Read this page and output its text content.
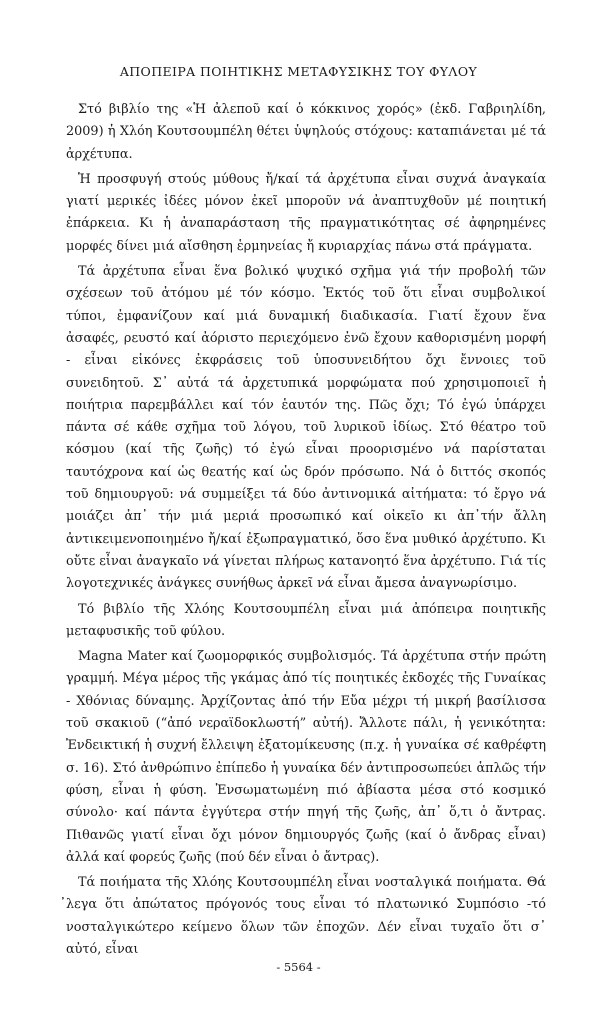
ΑΠΟΠΕΙΡΑ ΠΟΙΗΤΙΚΗΣ ΜΕΤΑΦΥΣΙΚΗΣ ΤΟΥ ΦΥΛΟΥ

Στό βιβλίο της «Ἡ ἀλεποῦ καί ὁ κόκκινος χορός» (ἐκδ. Γαβριηλίδη, 2009) ἡ Χλόη Κουτσουμπέλη θέτει ὑψηλούς στόχους: καταπιάνεται μέ τά ἀρχέτυπα.

Ἡ προσφυγή στούς μύθους ἤ/καί τά ἀρχέτυπα εἶναι συχνά ἀναγκαία γιατί μερικές ἰδέες μόνον ἐκεῖ μποροῦν νά ἀναπτυχθοῦν μέ ποιητική ἐπάρκεια. Κι ἡ ἀναπαράσταση τῆς πραγματικότητας σέ ἀφηρημένες μορφές δίνει μιά αἴσθηση ἑρμηνείας ἤ κυριαρχίας πάνω στά πράγματα.

Τά ἀρχέτυπα εἶναι ἕνα βολικό ψυχικό σχῆμα γιά τήν προβολή τῶν σχέσεων τοῦ ἀτόμου μέ τόν κόσμο. Ἐκτός τοῦ ὅτι εἶναι συμβολικοί τύποι, ἐμφανίζουν καί μιά δυναμική διαδικασία. Γιατί ἔχουν ἕνα ἀσαφές, ρευστό καί ἀόριστο περιεχόμενο ἐνῶ ἔχουν καθορισμένη μορφή - εἶναι εἰκόνες ἐκφράσεις τοῦ ὑποσυνειδήτου ὄχι ἔννοιες τοῦ συνειδητοῦ. Σ᾿ αὐτά τά ἀρχετυπικά μορφώματα πού χρησιμοποιεῖ ἡ ποιήτρια παρεμβάλλει καί τόν ἑαυτόν της. Πῶς ὄχι; Τό ἐγώ ὑπάρχει πάντα σέ κάθε σχῆμα τοῦ λόγου, τοῦ λυρικοῦ ἰδίως. Στό θέατρο τοῦ κόσμου (καί τῆς ζωῆς) τό ἐγώ εἶναι προορισμένο νά παρίσταται ταυτόχρονα καί ὡς θεατής καί ὡς δρόν πρόσωπο. Νά ὁ διττός σκοπός τοῦ δημιουργοῦ: νά συμμείξει τά δύο ἀντινομικά αἰτήματα: τό ἔργο νά μοιάζει ἀπ᾿ τήν μιά μεριά προσωπικό καί οἰκεῖο κι ἀπ᾿τήν ἄλλη ἀντικειμενοποιημένο ἤ/καί ἐξωπραγματικό, ὅσο ἕνα μυθικό ἀρχέτυπο. Κι οὔτε εἶναι ἀναγκαῖο νά γίνεται πλήρως κατανοητό ἕνα ἀρχέτυπο. Γιά τίς λογοτεχνικές ἀνάγκες συνήθως ἀρκεῖ νά εἶναι ἄμεσα ἀναγνωρίσιμο.

Τό βιβλίο τῆς Χλόης Κουτσουμπέλη εἶναι μιά ἀπόπειρα ποιητικῆς μεταφυσικῆς τοῦ φύλου.

Magna Mater καί ζωομορφικός συμβολισμός. Τά ἀρχέτυπα στήν πρώτη γραμμή. Μέγα μέρος τῆς γκάμας ἀπό τίς ποιητικές ἐκδοχές τῆς Γυναίκας - Χθόνιας δύναμης. Ἀρχίζοντας ἀπό τήν Εὔα μέχρι τή μικρή βασίλισσα τοῦ σκακιοῦ (“ἀπό νεραϊδοκλωστή” αὐτή). Ἄλλοτε πάλι, ἡ γενικότητα: Ἐνδεικτική ἡ συχνή ἔλλειψη ἐξατομίκευσης (π.χ. ἡ γυναίκα σέ καθρέφτη σ. 16). Στό ἀνθρώπινο ἐπίπεδο ἡ γυναίκα δέν ἀντιπροσωπεύει ἁπλῶς τήν φύση, εἶναι ἡ φύση. Ἐνσωματωμένη πιό ἀβίαστα μέσα στό κοσμικό σύνολο· καί πάντα ἐγγύτερα στήν πηγή τῆς ζωῆς, ἀπ᾿ ὅ,τι ὁ ἄντρας. Πιθανῶς γιατί εἶναι ὄχι μόνον δημιουργός ζωῆς (καί ὁ ἄνδρας εἶναι) ἀλλά καί φορεύς ζωῆς (πού δέν εἶναι ὁ ἄντρας).

Τά ποιήματα τῆς Χλόης Κουτσουμπέλη εἶναι νοσταλγικά ποιήματα. Θά ̓λεγα ὅτι ἀπώτατος πρόγονός τους εἶναι τό πλατωνικό Συμπόσιο -τό νοσταλγικώτερο κείμενο ὅλων τῶν ἐποχῶν. Δέν εἶναι τυχαῖο ὅτι σ᾿ αὐτό, εἶναι

- 5564 -
